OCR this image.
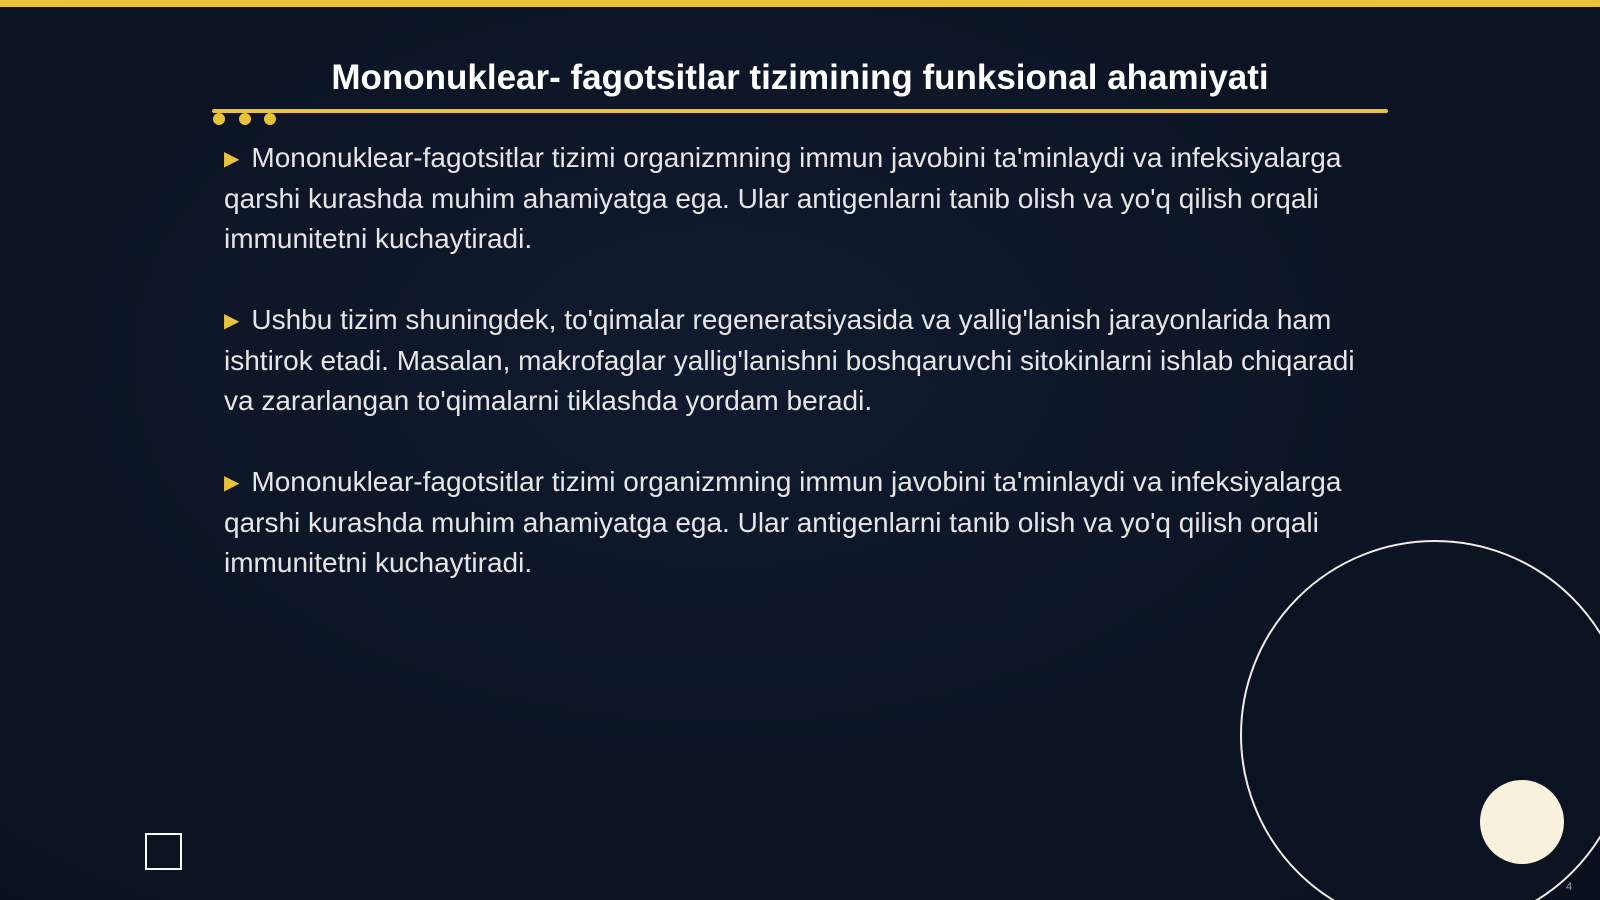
Mononuklear- fagotsitlar tizimining funksional ahamiyati

▶ Mononuklear-fagotsitlar tizimi organizmning immun javobini ta'minlaydi va infeksiyalarga qarshi kurashda muhim ahamiyatga ega. Ular antigenlarni tanib olish va yo'q qilish orqali immunitetni kuchaytiradi.

▶ Ushbu tizim shuningdek, to'qimalar regeneratsiyasida va yallig'lanish jarayonlarida ham ishtirok etadi. Masalan, makrofaglar yallig'lanishni boshqaruvchi sitokinlarni ishlab chiqaradi va zararlangan to'qimalarni tiklashda yordam beradi.

▶ Mononuklear-fagotsitlar tizimi organizmning immun javobini ta'minlaydi va infeksiyalarga qarshi kurashda muhim ahamiyatga ega. Ular antigenlarni tanib olish va yo'q qilish orqali immunitetni kuchaytiradi.

4
